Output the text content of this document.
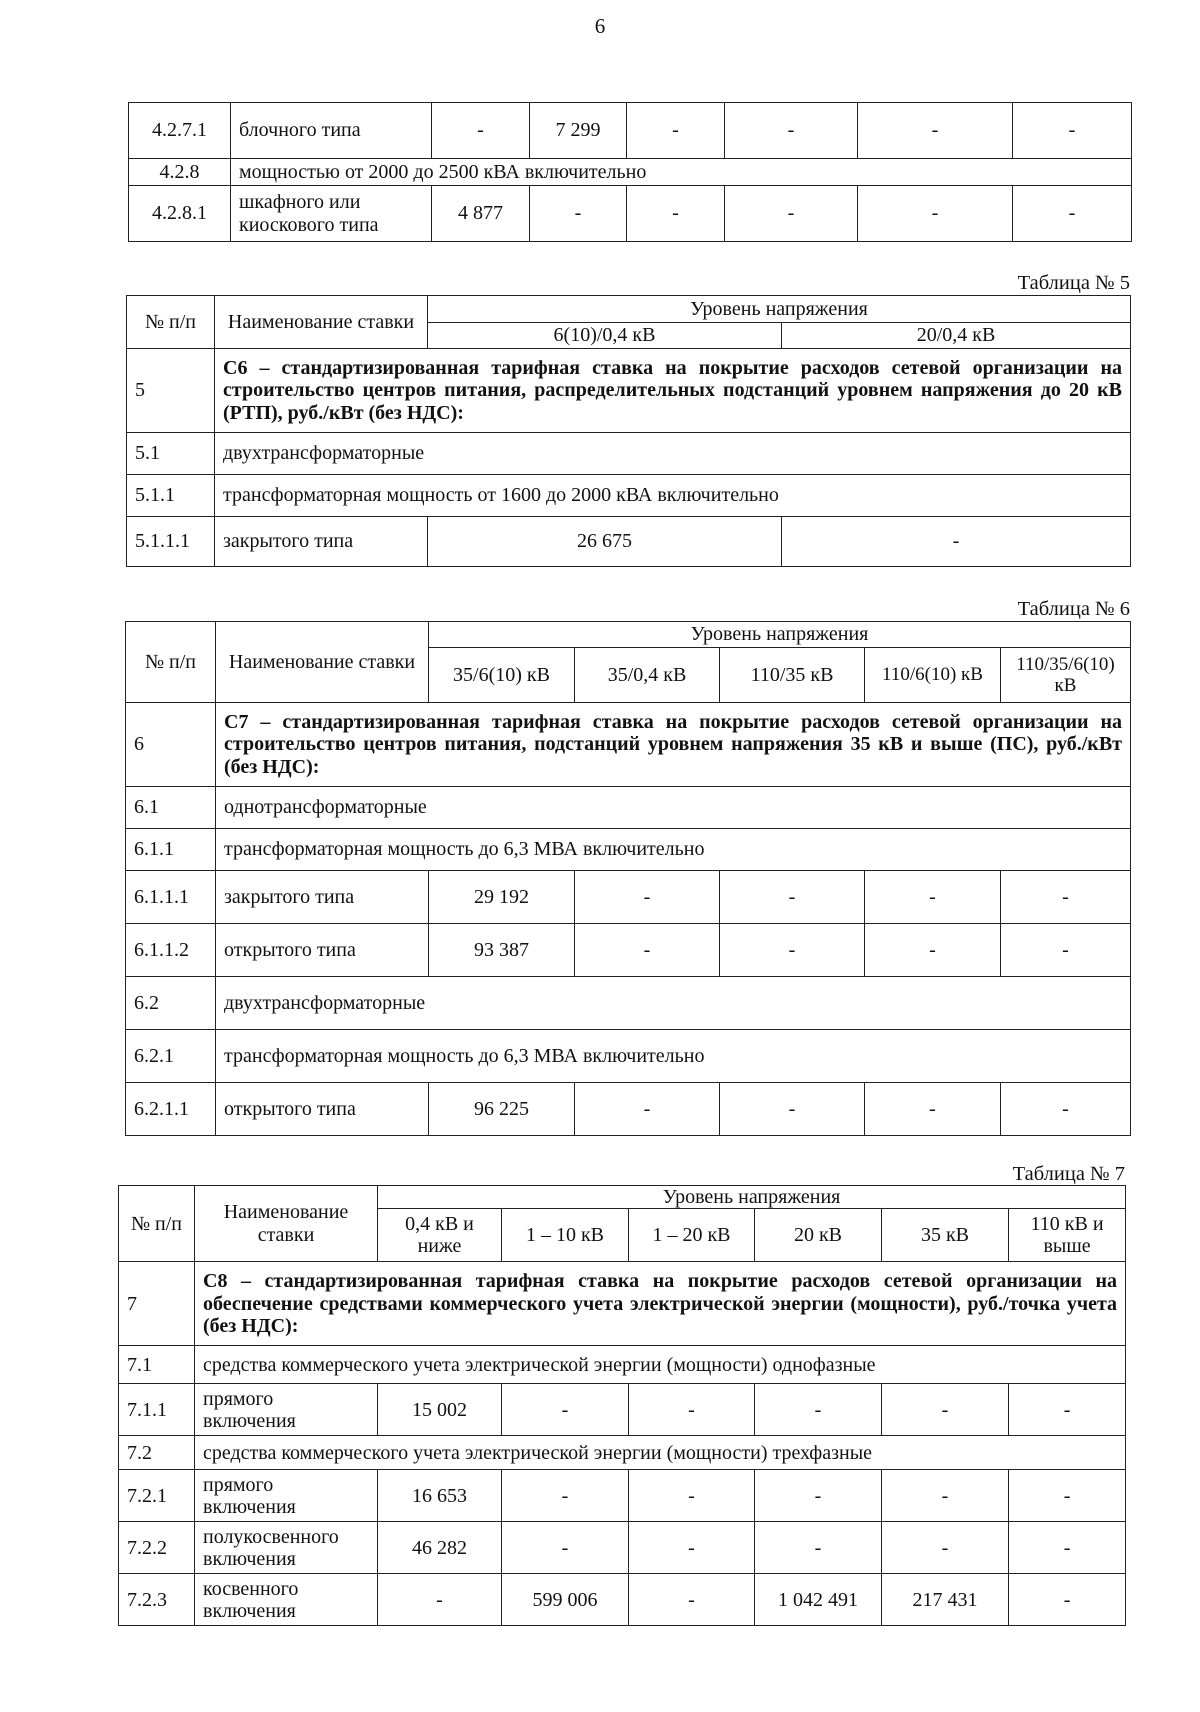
6
4.2.7.1	блочного типа	-	7 299	-	-	-	-
4.2.8	мощностью от 2000 до 2500 кВА включительно						
4.2.8.1	шкафного или киоскового типа	4 877	-	-	-	-	-
Таблица № 5
№ п/п	Наименование ставки	Уровень напряжения	
		6(10)/0,4 кВ	20/0,4 кВ
5	С6 – стандартизированная тарифная ставка на покрытие расходов сетевой организации на строительство центров питания, распределительных подстанций уровнем напряжения до 20 кВ (РТП), руб./кВт (без НДС):		
5.1	двухтрансформаторные		
5.1.1	трансформаторная мощность от 1600 до 2000 кВА включительно		
5.1.1.1	закрытого типа	26 675	-
Таблица № 6
№ п/п	Наименование ставки	Уровень напряжения				
		35/6(10) кВ	35/0,4 кВ	110/35 кВ	110/6(10) кВ	110/35/6(10) кВ
6	С7 – стандартизированная тарифная ставка на покрытие расходов сетевой организации на строительство центров питания, подстанций уровнем напряжения 35 кВ и выше (ПС), руб./кВт (без НДС):					
6.1	однотрансформаторные					
6.1.1	трансформаторная мощность до 6,3 МВА включительно					
6.1.1.1	закрытого типа	29 192	-	-	-	-
6.1.1.2	открытого типа	93 387	-	-	-	-
6.2	двухтрансформаторные					
6.2.1	трансформаторная мощность до 6,3 МВА включительно					
6.2.1.1	открытого типа	96 225	-	-	-	-
Таблица № 7
№ п/п	Наименование ставки	Уровень напряжения					
		0,4 кВ и ниже	1 – 10 кВ	1 – 20 кВ	20 кВ	35 кВ	110 кВ и выше
7	С8 – стандартизированная тарифная ставка на покрытие расходов сетевой организации на обеспечение средствами коммерческого учета электрической энергии (мощности), руб./точка учета (без НДС):						
7.1	средства коммерческого учета электрической энергии (мощности) однофазные						
7.1.1	прямого включения	15 002	-	-	-	-	-
7.2	средства коммерческого учета электрической энергии (мощности) трехфазные						
7.2.1	прямого включения	16 653	-	-	-	-	-
7.2.2	полукосвенного включения	46 282	-	-	-	-	-
7.2.3	косвенного включения	-	599 006	-	1 042 491	217 431	-
